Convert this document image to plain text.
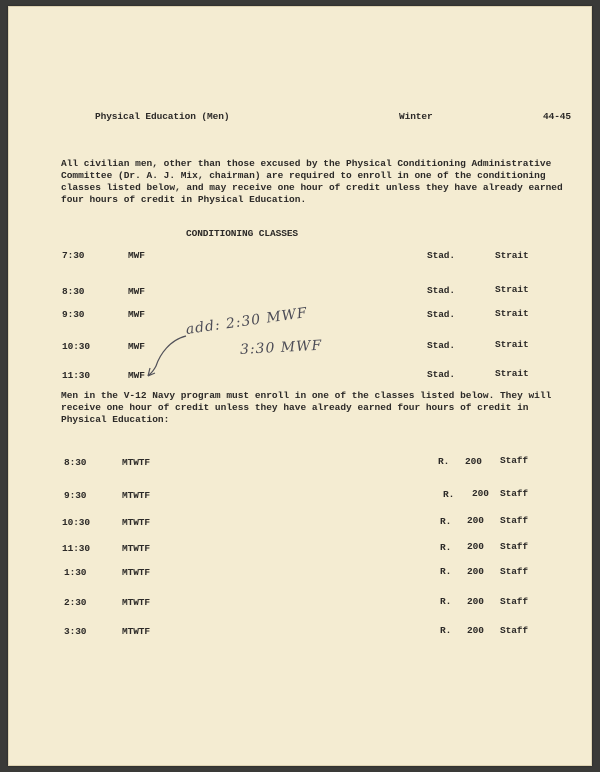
Physical Education (Men)	Winter	44-45
All civilian men, other than those excused by the Physical Conditioning Administrative
Committee (Dr. A. J. Mix, chairman) are required to enroll in one of the conditioning
classes listed below, and may receive one hour of credit unless they have already earned
four hours of credit in Physical Education.
CONDITIONING CLASSES
7:30	MWF	Stad.	Strait
8:30	MWF	Stad.	Strait
9:30	MWF	Stad.	Strait
10:30	MWF	Stad.	Strait
11:30	MWF	Stad.	Strait
add: 2:30 MWF
3:30 MWF
Men in the V-12 Navy program must enroll in one of the classes listed below. They will
receive one hour of credit unless they have already earned four hours of credit in
Physical Education:
8:30	MTWTF	R. 200 Staff
9:30	MTWTF	R. 200 Staff
10:30	MTWTF	R. 200 Staff
11:30	MTWTF	R. 200 Staff
1:30	MTWTF	R. 200 Staff
2:30	MTWTF	R. 200 Staff
3:30	MTWTF	R. 200 Staff
